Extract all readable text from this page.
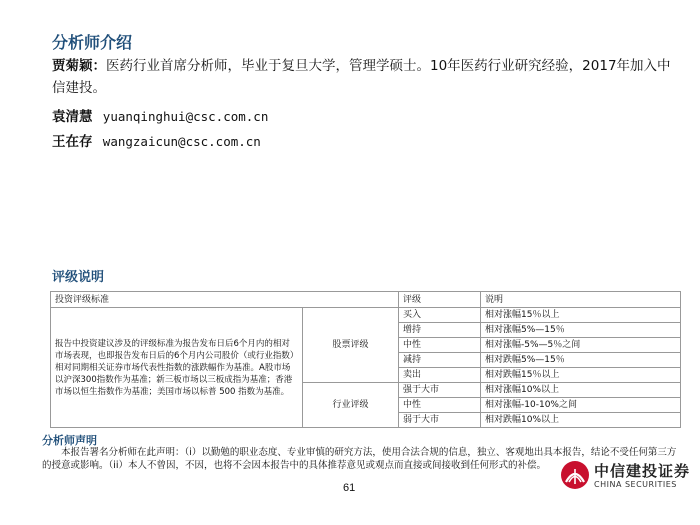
分析师介绍
贾菊颖：医药行业首席分析师，毕业于复旦大学，管理学硕士。10年医药行业研究经验，2017年加入中信建投。
袁清慧 yuanqinghui@csc.com.cn
王在存 wangzaicun@csc.com.cn
评级说明
投资评级标准		评级	说明
报告中投资建议涉及的评级标准为报告发布日后6个月内的相对市场表现，也即报告发布日后的6个月内公司股价（或行业指数）相对同期相关证券市场代表性指数的涨跌幅作为基准。A股市场以沪深300指数作为基准；新三板市场以三板成指为基准；香港市场以恒生指数作为基准；美国市场以标普 500 指数为基准。	股票评级	买入	相对涨幅15％以上
		增持	相对涨幅5%—15％
		中性	相对涨幅-5%—5％之间
		减持	相对跌幅5%—15％
		卖出	相对跌幅15％以上
	行业评级	强于大市	相对涨幅10%以上
		中性	相对涨幅-10-10%之间
		弱于大市	相对跌幅10%以上
分析师声明
本报告署名分析师在此声明：（i）以勤勉的职业态度、专业审慎的研究方法，使用合法合规的信息，独立、客观地出具本报告，结论不受任何第三方的授意或影响。（ii）本人不曾因，不因，也将不会因本报告中的具体推荐意见或观点而直接或间接收到任何形式的补偿。
61
中信建投证券
CHINA SECURITIES
